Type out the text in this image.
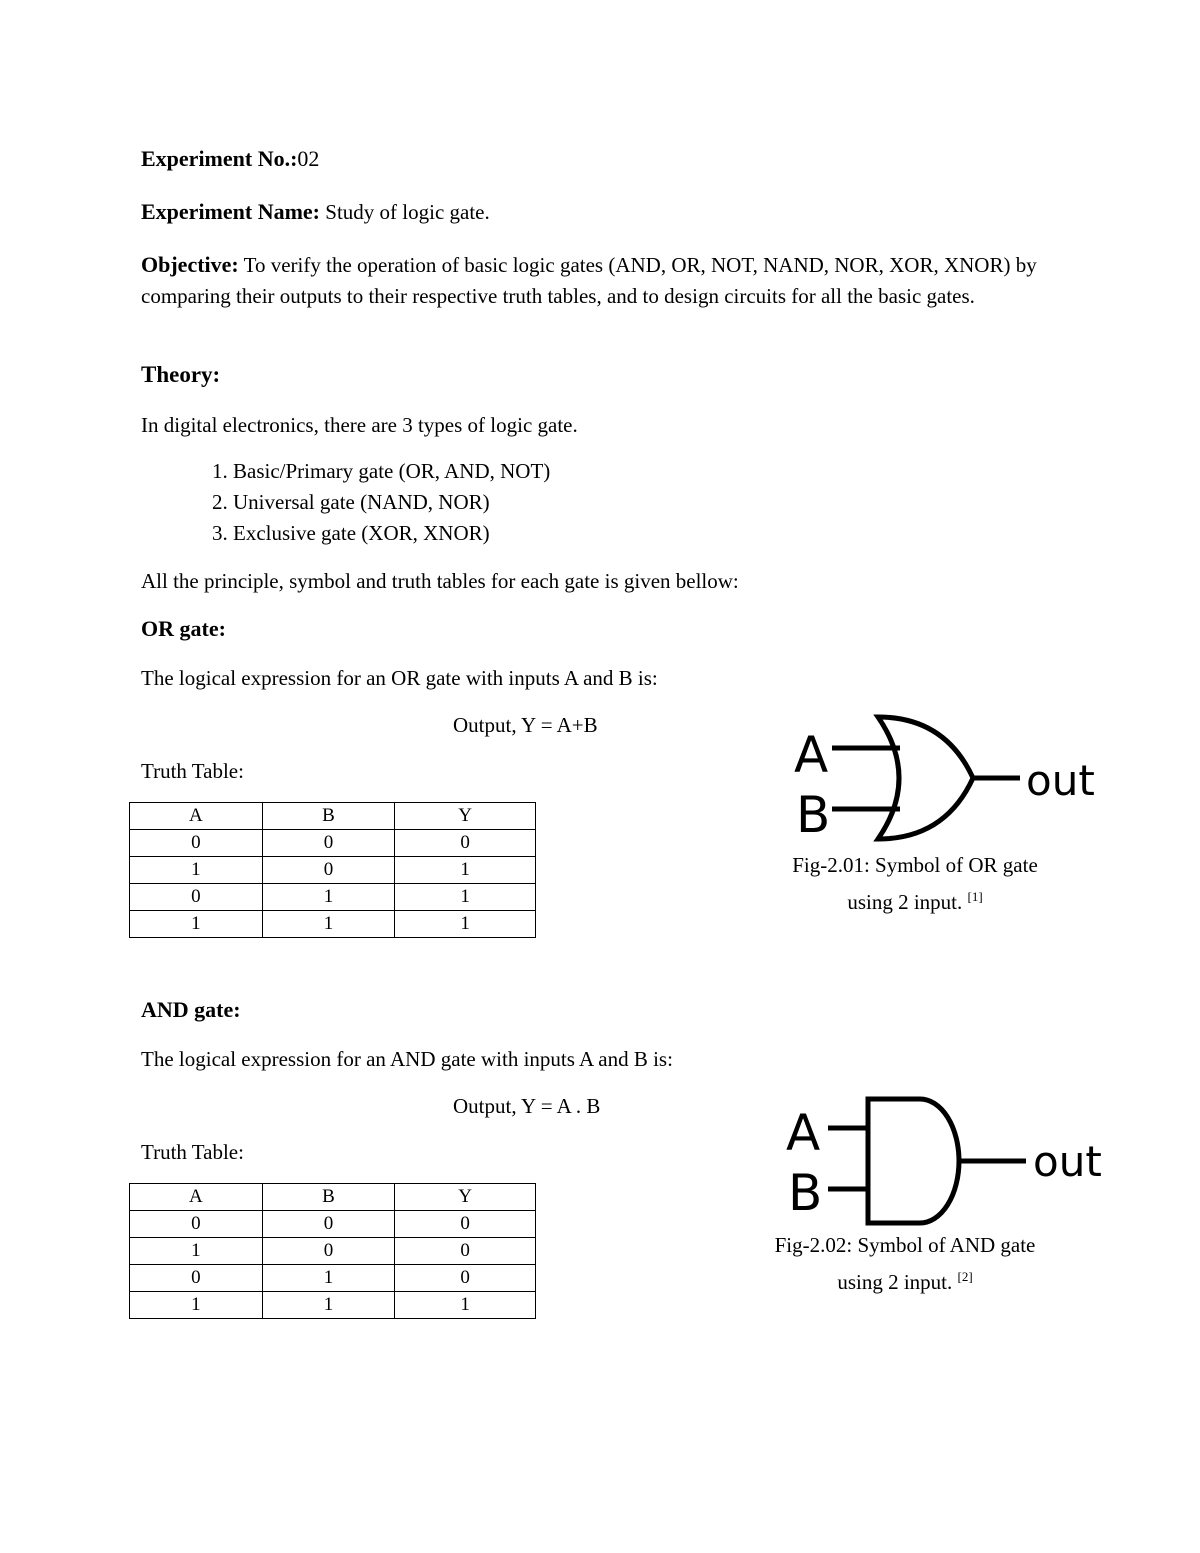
Experiment No.:02
Experiment Name: Study of logic gate.
Objective: To verify the operation of basic logic gates (AND, OR, NOT, NAND, NOR, XOR, XNOR) by comparing their outputs to their respective truth tables, and to design circuits for all the basic gates.
Theory:
In digital electronics, there are 3 types of logic gate.
1. Basic/Primary gate (OR, AND, NOT)
2. Universal gate (NAND, NOR)
3. Exclusive gate (XOR, XNOR)
All the principle, symbol and truth tables for each gate is given bellow:
OR gate:
The logical expression for an OR gate with inputs A and B is:
Output, Y = A+B
Truth Table:
A	B	Y
0	0	0
1	0	1
0	1	1
1	1	1
A
B
out
Fig-2.01: Symbol of OR gate
using 2 input. [1]
AND gate:
The logical expression for an AND gate with inputs A and B is:
Output, Y = A . B
Truth Table:
A	B	Y
0	0	0
1	0	0
0	1	0
1	1	1
A
B
out
Fig-2.02: Symbol of AND gate
using 2 input. [2]
